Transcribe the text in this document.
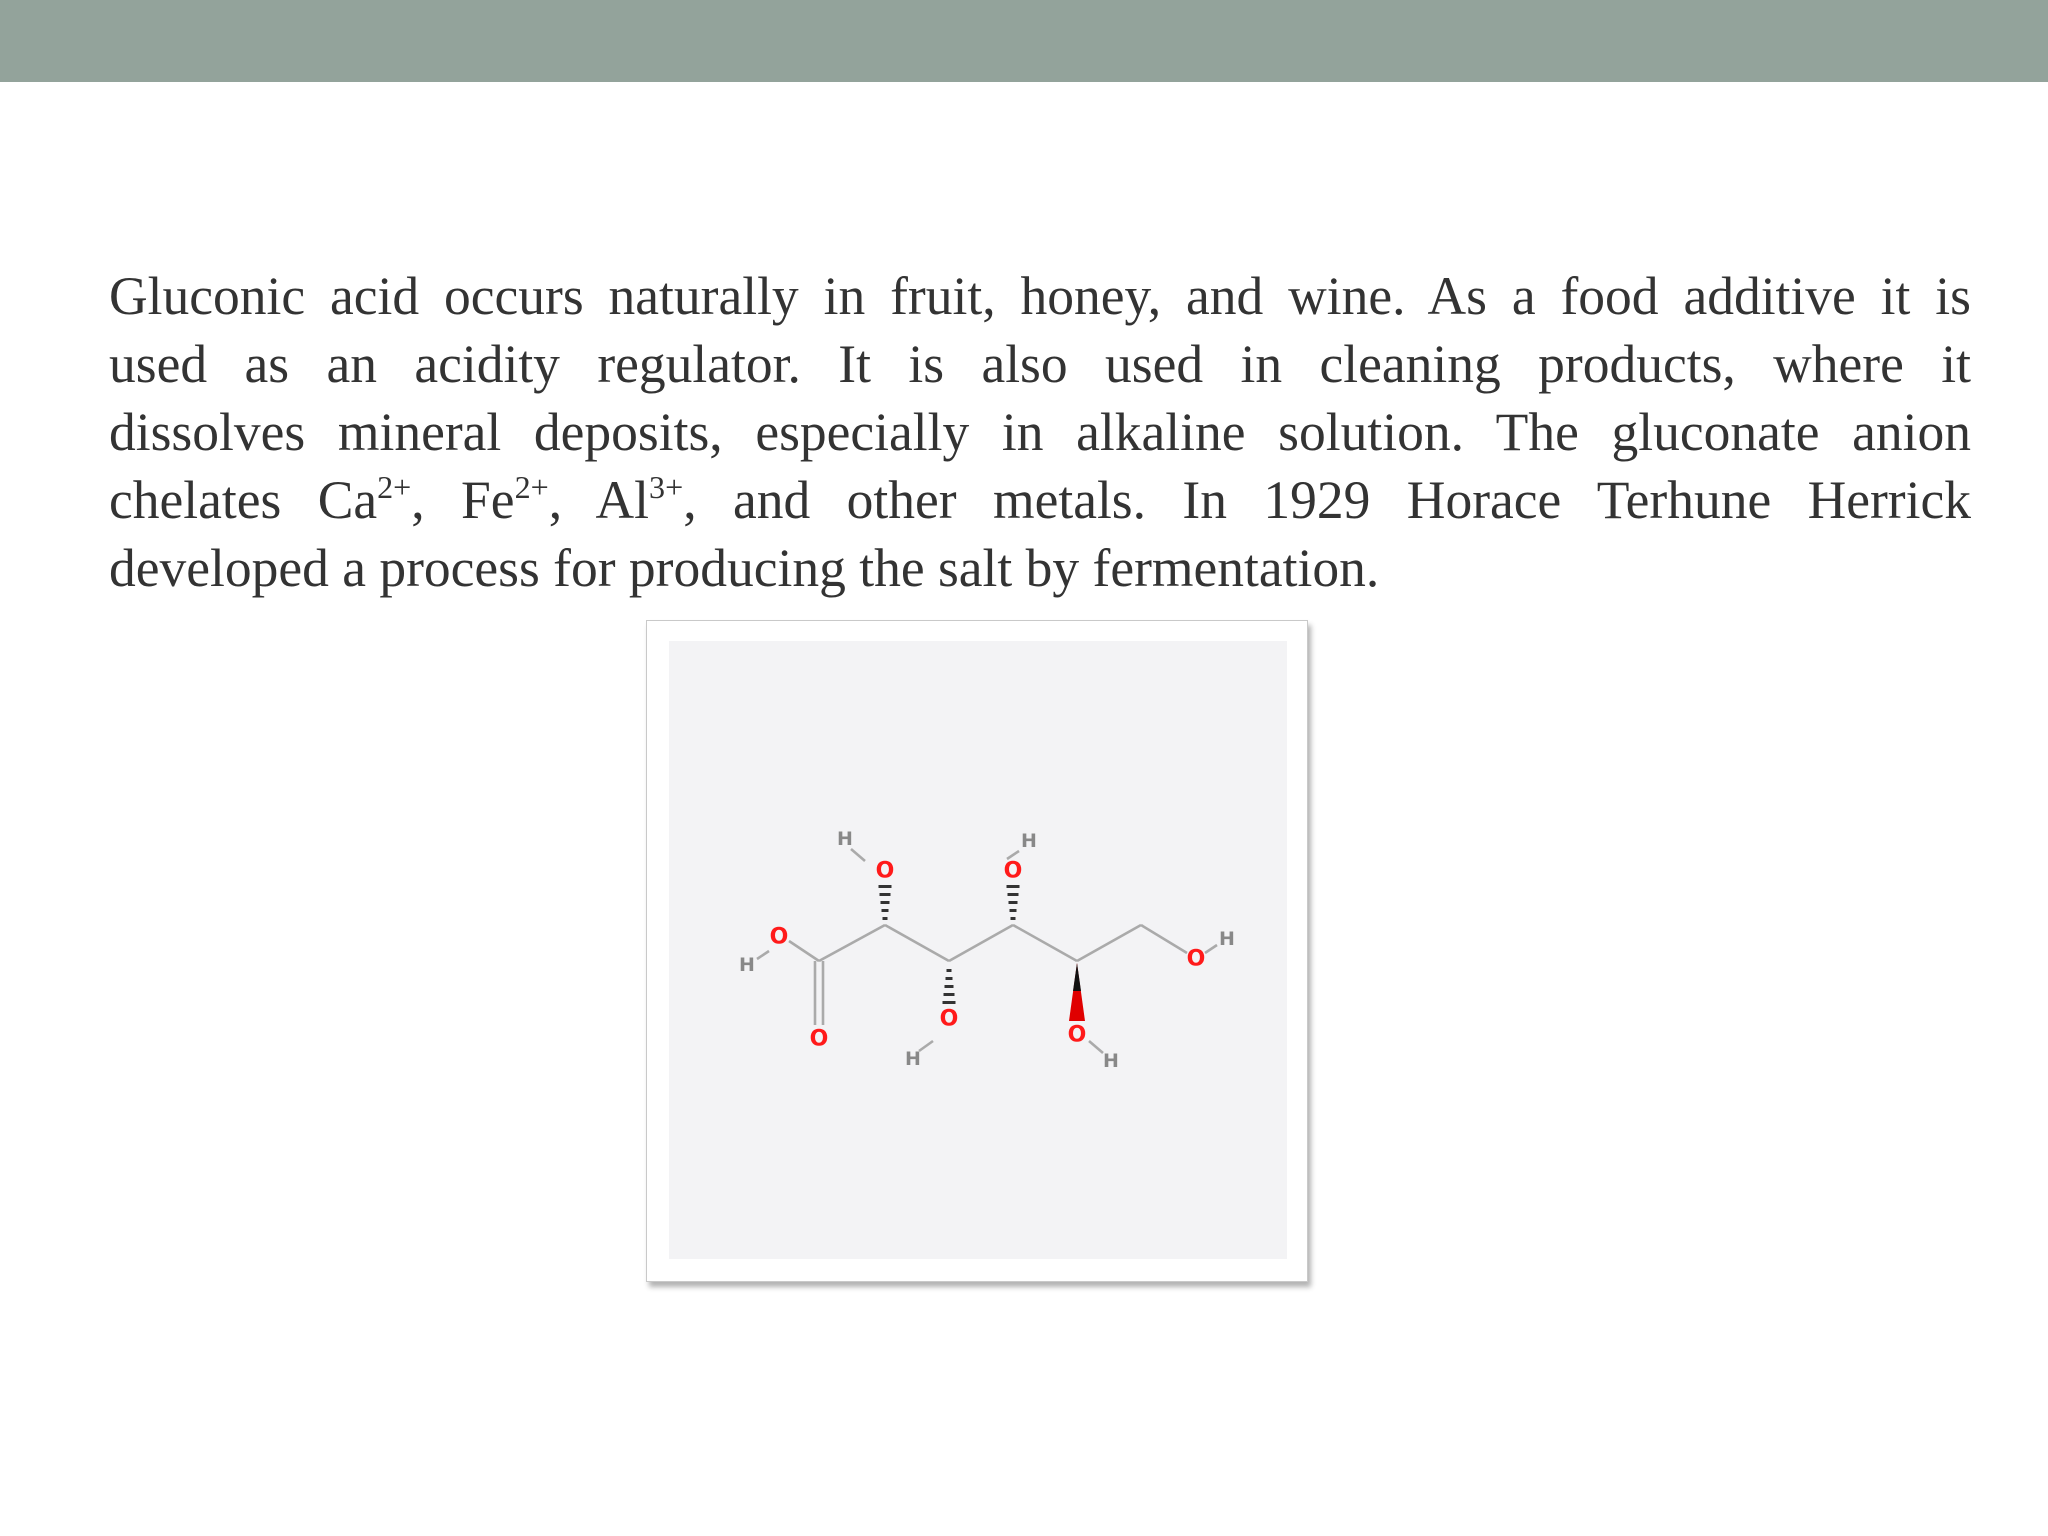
Gluconic acid occurs naturally in fruit, honey, and wine. As a food additive it is
used as an acidity regulator. It is also used in cleaning products, where it
dissolves mineral deposits, especially in alkaline solution. The gluconate anion
chelates $Ca^{2+}$, $Fe^{2+}$, $Al^{3+}$, and other metals. In 1929 Horace Terhune Herrick
developed a process for producing the salt by fermentation.

H
O
O
H
O
O
H
O
H
O
H
O
H
